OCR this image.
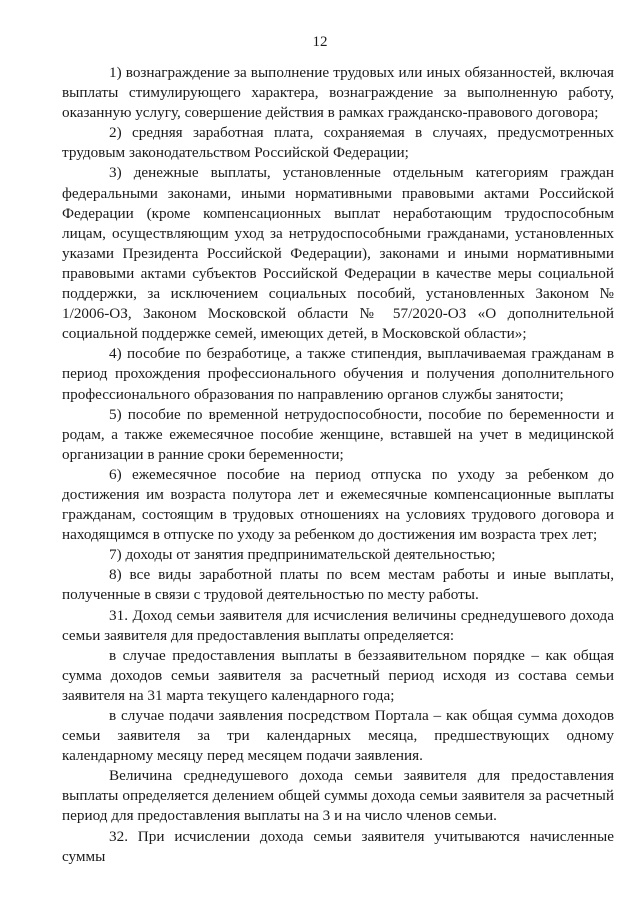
12

1) вознаграждение за выполнение трудовых или иных обязанностей, включая выплаты стимулирующего характера, вознаграждение за выполненную работу, оказанную услугу, совершение действия в рамках гражданско-правового договора;

2) средняя заработная плата, сохраняемая в случаях, предусмотренных трудовым законодательством Российской Федерации;

3) денежные выплаты, установленные отдельным категориям граждан федеральными законами, иными нормативными правовыми актами Российской Федерации (кроме компенсационных выплат неработающим трудоспособным лицам, осуществляющим уход за нетрудоспособными гражданами, установленных указами Президента Российской Федерации), законами и иными нормативными правовыми актами субъектов Российской Федерации в качестве меры социальной поддержки, за исключением социальных пособий, установленных Законом № 1/2006-ОЗ, Законом Московской области № 57/2020-ОЗ «О дополнительной социальной поддержке семей, имеющих детей, в Московской области»;

4) пособие по безработице, а также стипендия, выплачиваемая гражданам в период прохождения профессионального обучения и получения дополнительного профессионального образования по направлению органов службы занятости;

5) пособие по временной нетрудоспособности, пособие по беременности и родам, а также ежемесячное пособие женщине, вставшей на учет в медицинской организации в ранние сроки беременности;

6) ежемесячное пособие на период отпуска по уходу за ребенком до достижения им возраста полутора лет и ежемесячные компенсационные выплаты гражданам, состоящим в трудовых отношениях на условиях трудового договора и находящимся в отпуске по уходу за ребенком до достижения им возраста трех лет;

7) доходы от занятия предпринимательской деятельностью;

8) все виды заработной платы по всем местам работы и иные выплаты, полученные в связи с трудовой деятельностью по месту работы.

31. Доход семьи заявителя для исчисления величины среднедушевого дохода семьи заявителя для предоставления выплаты определяется:

в случае предоставления выплаты в беззаявительном порядке – как общая сумма доходов семьи заявителя за расчетный период исходя из состава семьи заявителя на 31 марта текущего календарного года;

в случае подачи заявления посредством Портала – как общая сумма доходов семьи заявителя за три календарных месяца, предшествующих одному календарному месяцу перед месяцем подачи заявления.

Величина среднедушевого дохода семьи заявителя для предоставления выплаты определяется делением общей суммы дохода семьи заявителя за расчетный период для предоставления выплаты на 3 и на число членов семьи.

32. При исчислении дохода семьи заявителя учитываются начисленные суммы
